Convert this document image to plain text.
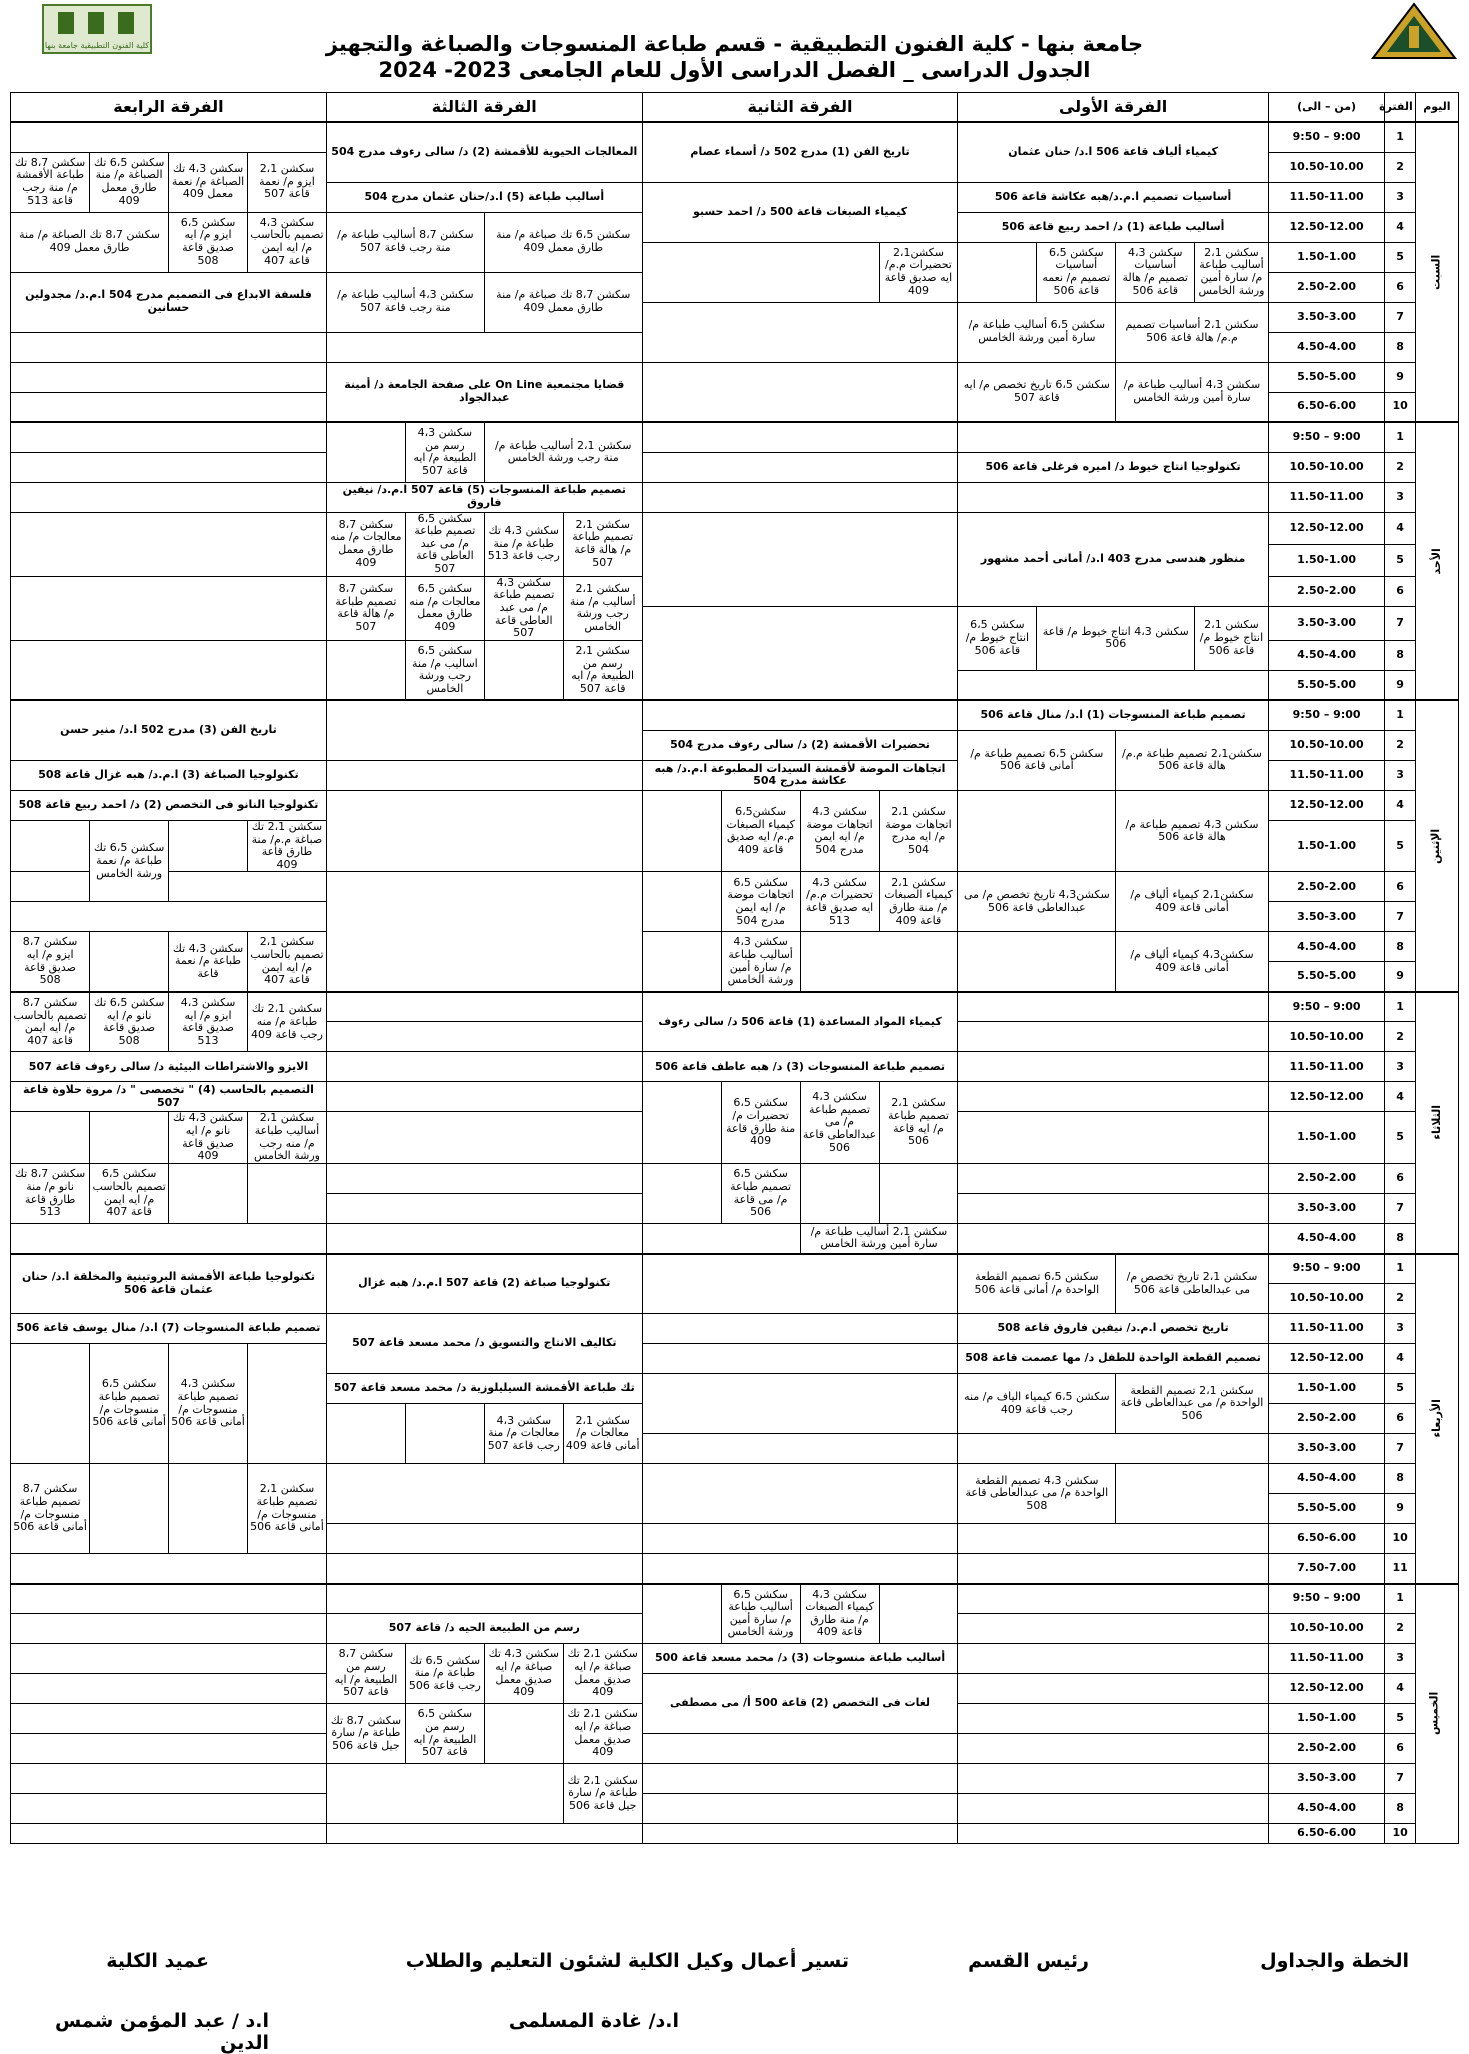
كلية الفنون التطبيقية جامعة بنها	جامعة بنها - كلية الفنون التطبيقية - قسم طباعة المنسوجات والصباغة والتجهيز
الجدول الدراسى _ الفصل الدراسى الأول للعام الجامعى 2023- 2024
اليوم	الفترة	(من – الى)	الفرقة الأولى				الفرقة الثانية				الفرقة الثالثة				الفرقة الرابعة			
السبت	1	9:50 – 9:00	كيمياء ألياف قاعة 506 ا.د/ حنان عثمان				تاريخ الفن (1) مدرج 502 د/ أسماء عصام				المعالجات الحيوية للأقمشة (2) د/ سالى رءوف مدرج 504							
	2	10.50-10.00													سكشن 2،1 ايزو م/ نعمة قاعة 507	سكشن 4،3 تك الصباغة م/ نعمة معمل 409	سكشن 6،5 تك الصباغة م/ منة طارق معمل 409	سكشن 8،7 تك طباعة الأقمشة م/ منة رجب قاعة 513
	3	11.50-11.00	أساسيات تصميم ا.م.د/هبه عكاشة قاعة 506				كيمياء الصبغات قاعة 500 د/ احمد حسبو				أساليب طباعة (5) ا.د/حنان عثمان مدرج 504							
	4	12.50-12.00	أساليب طباعة (1) د/ احمد ربيع قاعة 506								سكشن 6،5 تك صباغة م/ منة طارق معمل 409		سكشن 8،7 أساليب طباعة م/ منة رجب قاعة 507		سكشن 4،3 تصميم بالحاسب م/ ايه ايمن قاعة 407	سكشن 6،5 ايزو م/ ايه صديق قاعة 508	سكشن 8،7 تك الصباغة م/ منة طارق معمل 409	
	5	1.50-1.00	سكشن 2،1 أساليب طباعة م/ سارة أمين ورشة الخامس	سكشن 4،3 أساسيات تصميم م/ هالة قاعة 506	سكشن 6،5 أساسيات تصميم م/ نعمه قاعة 506		سكشن2،1 تحضيرات م.م/ ايه صديق قاعة 409											
	6	2.50-2.00									سكشن 8،7 تك صباغة م/ منة طارق معمل 409		سكشن 4،3 أساليب طباعة م/ منة رجب قاعة 507		فلسفة الابداع فى التصميم مدرج 504 ا.م.د/ مجدولين حسانين			
	7	3.50-3.00	سكشن 2،1 أساسيات تصميم م.م/ هالة قاعة 506		سكشن 6،5 أساليب طباعة م/ سارة أمين ورشة الخامس													
	8	4.50-4.00																
	9	5.50-5.00	سكشن 4،3 أساليب طباعة م/ سارة أمين ورشة الخامس		سكشن 6،5 تاريخ تخصص م/ ايه قاعة 507						قضايا مجتمعية On Line على صفحة الجامعة د/ أمينة عبدالجواد							
	10	6.50-6.00																
الأحد	1	9:50 – 9:00									سكشن 2،1 أساليب طباعة م/ منة رجب ورشة الخامس		سكشن 4،3 رسم من الطبيعة م/ ايه قاعة 507					
	2	10.50-10.00	تكنولوجيا انتاج خيوط د/ اميره فرغلى قاعة 506															
	3	11.50-11.00									تصميم طباعة المنسوجات (5) قاعة 507 ا.م.د/ نيفين فاروق							
	4	12.50-12.00	منظور هندسى مدرج 403 ا.د/ أمانى أحمد مشهور								سكشن 2،1 تصميم طباعة م/ هالة قاعة 507	سكشن 4،3 تك طباعة م/ منة رجب قاعة 513	سكشن 6،5 تصميم طباعة م/ مى عبد العاطى قاعة 507	سكشن 8،7 معالجات م/ منه طارق معمل 409				
	5	1.50-1.00																
	6	2.50-2.00									سكشن 2،1 أساليب م/ منة رجب ورشة الخامس	سكشن 4،3 تصميم طباعة م/ مى عبد العاطى قاعة 507	سكشن 6،5 معالجات م/ منه طارق معمل 409	سكشن 8،7 تصميم طباعة م/ هالة قاعة 507				
	7	3.50-3.00	سكشن 2،1 انتاج خيوط م/ قاعة 506	سكشن 4،3 انتاج خيوط م/ قاعة 506		سكشن 6،5 انتاج خيوط م/ قاعة 506												
	8	4.50-4.00									سكشن 2،1 رسم من الطبيعة م/ ايه قاعة 507		سكشن 6،5 اساليب م/ منة رجب ورشة الخامس					
	9	5.50-5.00																
الإثنين	1	9:50 – 9:00	تصميم طباعة المنسوجات (1) ا.د/ منال قاعة 506												تاريخ الفن (3) مدرج 502 ا.د/ منير حسن			
	2	10.50-10.00	سكشن2،1 تصميم طباعة م.م/ هالة قاعة 506		سكشن 6،5 تصميم طباعة م/ أمانى قاعة 506		تحضيرات الأقمشة (2) د/ سالى رءوف مدرج 504											
	3	11.50-11.00					اتجاهات الموضة لأقمشة السيدات المطبوعة ا.م.د/ هبه عكاشة مدرج 504								تكنولوجيا الصباغة (3) ا.م.د/ هبه غزال قاعة 508			
	4	12.50-12.00	سكشن 4،3 تصميم طباعة م/ هالة قاعة 506				سكشن 2،1 اتجاهات موضة م/ ايه مدرج 504	سكشن 4،3 اتجاهات موضة م/ ايه ايمن مدرج 504	سكشن6،5 كيمياء الصبغات م.م/ ايه صديق قاعة 409						تكنولوجيا النانو فى التخصص (2) د/ احمد ربيع قاعة 508			
	5	1.50-1.00													سكشن 2،1 تك صباغة م.م/ منة طارق قاعة 409		سكشن 6،5 تك طباعة م/ نعمة ورشة الخامس	
	6	2.50-2.00	سكشن2،1 كيمياء ألياف م/ أمانى قاعة 409		سكشن4،3 تاريخ تخصص م/ مى عبدالعاطى قاعة 506		سكشن 2،1 كيمياء الصبغات م/ منة طارق قاعة 409	سكشن 4،3 تحضيرات م.م/ ايه صديق قاعة 513	سكشن 6،5 اتجاهات موضة م/ ايه ايمن مدرج 504									
	7	3.50-3.00																
	8	4.50-4.00	سكشن4،3 كيمياء ألياف م/ أمانى قاعة 409						سكشن 4،3 أساليب طباعة م/ سارة أمين ورشة الخامس						سكشن 2،1 تصميم بالحاسب م/ ايه ايمن قاعة 407	سكشن 4،3 تك طباعة م/ نعمة قاعة		سكشن 8،7 ايزو م/ ايه صديق قاعة 508
	9	5.50-5.00																
الثلاثاء	1	9:50 – 9:00					كيمياء المواد المساعدة (1) قاعة 506 د/ سالى رءوف								سكشن 2،1 تك طباعة م/ منه رجب قاعة 409	سكشن 4،3 ايزو م/ ايه صديق قاعة 513	سكشن 6،5 تك نانو م/ ايه صديق قاعة 508	سكشن 8،7 تصميم بالحاسب م/ ايه ايمن قاعة 407
	2	10.50-10.00																
	3	11.50-11.00					تصميم طباعة المنسوجات (3) د/ هبه عاطف قاعة 506								الايزو والاشتراطات البيئية د/ سالى رءوف قاعة 507			
	4	12.50-12.00					سكشن 2،1 تصميم طباعة م/ ايه قاعة 506	سكشن 4،3 تصميم طباعة م/ مى عبدالعاطى قاعة 506	سكشن 6،5 تحضيرات م/ منة طارق قاعة 409						التصميم بالحاسب (4) " تخصصى " د/ مروة حلاوة قاعة 507			
	5	1.50-1.00													سكشن 2،1 أساليب طباعة م/ منه رجب ورشة الخامس	سكشن 4،3 تك نانو م/ ايه صديق قاعة 409		
	6	2.50-2.00							سكشن 6،5 تصميم طباعة م/ مى قاعة 506								سكشن 6،5 تصميم بالحاسب م/ ايه ايمن قاعة 407	سكشن 8،7 تك نانو م/ منة طارق قاعة 513
	7	3.50-3.00																
	8	4.50-4.00					سكشن 2،1 أساليب طباعة م/ سارة أمين ورشة الخامس											
الأربعاء	1	9:50 – 9:00	سكشن 2،1 تاريخ تخصص م/ مى عبدالعاطى قاعة 506		سكشن 6،5 تصميم القطعة الواحدة م/ أمانى قاعة 506						تكنولوجيا صباغة (2) قاعة 507 ا.م.د/ هبه غزال				تكنولوجيا طباعة الأقمشة البروتينية والمخلقة ا.د/ حنان عثمان قاعة 506			
	2	10.50-10.00																
	3	11.50-11.00	تاريخ تخصص ا.م.د/ نيفين فاروق قاعة 508								تكاليف الانتاج والتسويق د/ محمد مسعد قاعة 507				تصميم طباعة المنسوجات (7) ا.د/ منال يوسف قاعة 506			
	4	12.50-12.00	تصميم القطعة الواحدة للطفل د/ مها عصمت قاعة 508													سكشن 4،3 تصميم طباعة منسوجات م/ أمانى قاعة 506	سكشن 6،5 تصميم طباعة منسوجات م/ أمانى قاعة 506	
	5	1.50-1.00	سكشن 2،1 تصميم القطعة الواحدة م/ مى عبدالعاطى قاعة 506		سكشن 6،5 كيمياء الياف م/ منه رجب قاعة 409						تك طباعة الأقمشة السيليلوزية د/ محمد مسعد قاعة 507							
	6	2.50-2.00									سكشن 2،1 معالجات م/ أمانى قاعة 409	سكشن 4،3 معالجات م/ منة رجب قاعة 507						
	7	3.50-3.00																
	8	4.50-4.00			سكشن 4،3 تصميم القطعة الواحدة م/ مى عبدالعاطى قاعة 508										سكشن 2،1 تصميم طباعة منسوجات م/ أمانى قاعة 506			سكشن 8،7 تصميم طباعة منسوجات م/ أمانى قاعة 506
	9	5.50-5.00																
	10	6.50-6.00																
	11	7.50-7.00																
الخميس	1	9:50 – 9:00						سكشن 4،3 كيمياء الصبغات م/ منة طارق قاعة 409	سكشن 6،5 أساليب طباعة م/ سارة أمين ورشة الخامس									
	2	10.50-10.00									رسم من الطبيعة الحيه د/ قاعة 507							
	3	11.50-11.00					أساليب طباعة منسوجات (3) د/ محمد مسعد قاعة 500				سكشن 2،1 تك صباغة م/ ايه صديق معمل 409	سكشن 4،3 تك صباغة م/ ايه صديق معمل 409	سكشن 6،5 تك طباعة م/ منة رجب قاعة 506	سكشن 8،7 رسم من الطبيعة م/ ايه قاعة 507				
	4	12.50-12.00					لغات فى التخصص (2) قاعة 500 أ/ مى مصطفى											
	5	1.50-1.00									سكشن 2،1 تك صباغة م/ ايه صديق معمل 409		سكشن 6،5 رسم من الطبيعة م/ ايه قاعة 507	سكشن 8،7 تك طباعة م/ سارة جيل قاعة 506				
	6	2.50-2.00																
	7	3.50-3.00									سكشن 2،1 تك طباعة م/ سارة جيل قاعة 506							
	8	4.50-4.00																
	10	6.50-6.00																
الخطة والجداول
رئيس القسم
تسير أعمال وكيل الكلية لشئون التعليم والطلاب
عميد الكلية
ا.د/ غادة المسلمى
ا.د / عبد المؤمن شمس الدين
